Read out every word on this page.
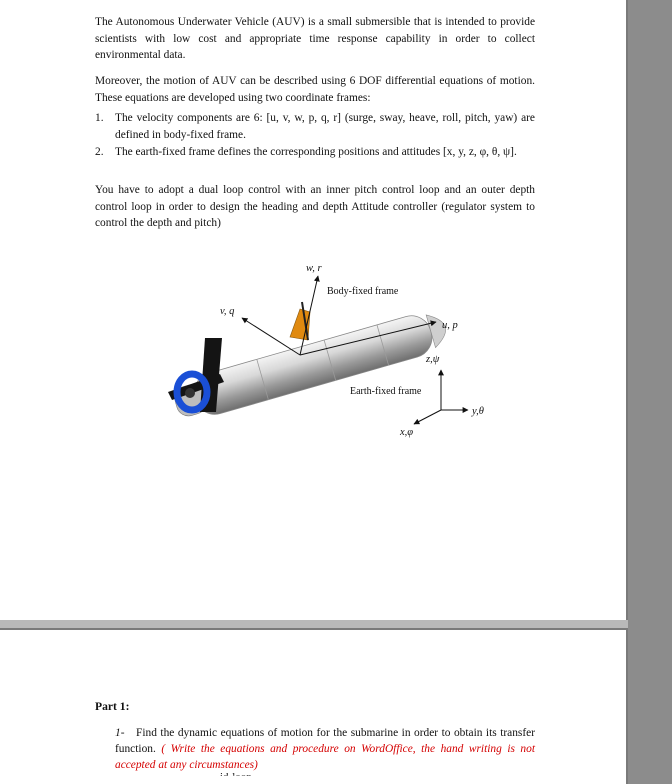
The Autonomous Underwater Vehicle (AUV) is a small submersible that is intended to provide scientists with low cost and appropriate time response capability in order to collect environmental data.

Moreover, the motion of AUV can be described using 6 DOF differential equations of motion. These equations are developed using two coordinate frames:

1. The velocity components are 6: [u, v, w, p, q, r] (surge, sway, heave, roll, pitch, yaw) are defined in body-fixed frame.
2. The earth-fixed frame defines the corresponding positions and attitudes [x, y, z, φ, θ, ψ].

You have to adopt a dual loop control with an inner pitch control loop and an outer depth control loop in order to design the heading and depth Attitude controller (regulator system to control the depth and pitch)

w, r
v, q
u, p
Body-fixed frame
z,ψ
Earth-fixed frame
y,θ
x,φ
Part 1:
1- Find the dynamic equations of motion for the submarine in order to obtain its transfer function. ( Write the equations and procedure on WordOffice, the hand writing is not accepted at any circumstances)
